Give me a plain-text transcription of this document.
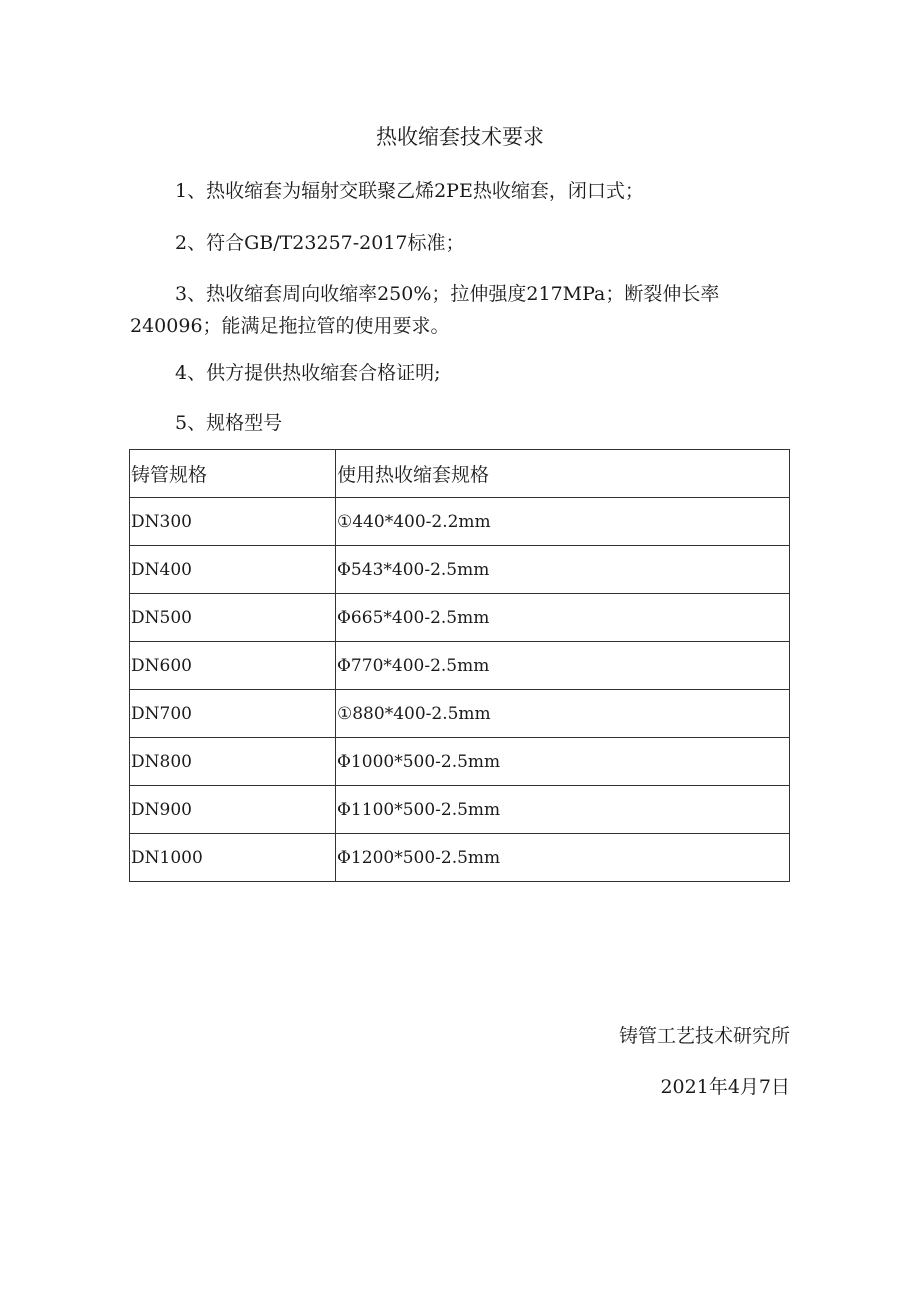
热收缩套技术要求

1、热收缩套为辐射交联聚乙烯2PE热收缩套，闭口式；

2、符合GB/T23257-2017标准；

3、热收缩套周向收缩率250%；拉伸强度217MPa；断裂伸长率240096；能满足拖拉管的使用要求。

4、供方提供热收缩套合格证明;

5、规格型号

铸管规格	使用热收缩套规格
DN300	①440*400-2.2mm
DN400	Φ543*400-2.5mm
DN500	Φ665*400-2.5mm
DN600	Φ770*400-2.5mm
DN700	①880*400-2.5mm
DN800	Φ1000*500-2.5mm
DN900	Φ1100*500-2.5mm
DN1000	Φ1200*500-2.5mm
铸管工艺技术研究所
2021年4月7日
